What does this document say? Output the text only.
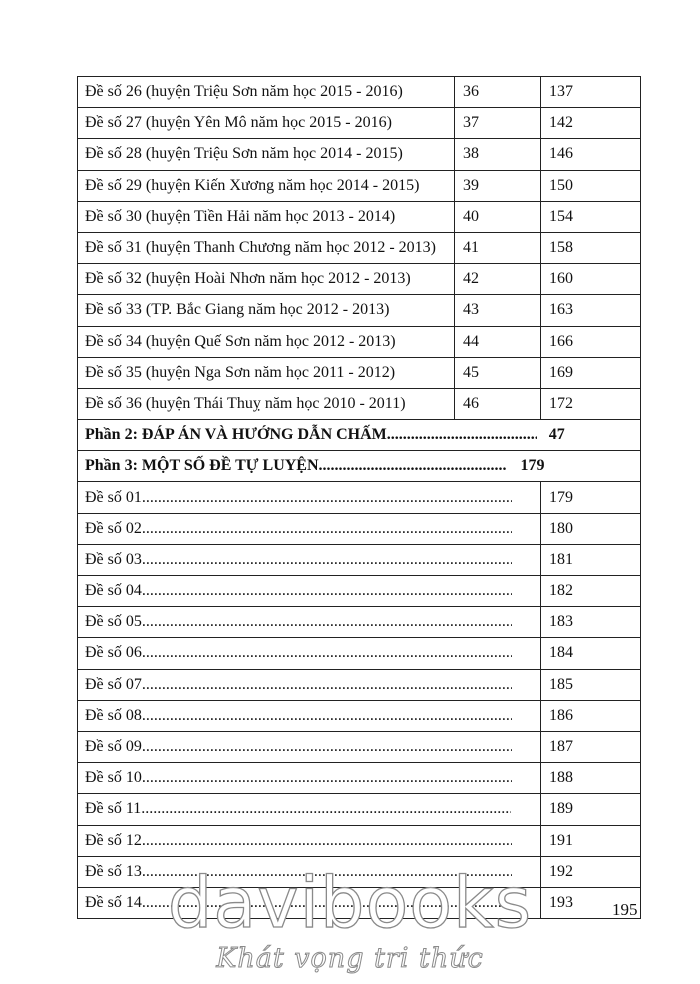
Đề số 26 (huyện Triệu Sơn năm học 2015 - 2016)	36	137
Đề số 27 (huyện Yên Mô năm học 2015 - 2016)	37	142
Đề số 28 (huyện Triệu Sơn năm học 2014 - 2015)	38	146
Đề số 29 (huyện Kiến Xương năm học 2014 - 2015)	39	150
Đề số 30 (huyện Tiền Hải năm học 2013 - 2014)	40	154
Đề số 31 (huyện Thanh Chương năm học 2012 - 2013)	41	158
Đề số 32 (huyện Hoài Nhơn năm học 2012 - 2013)	42	160
Đề số 33 (TP. Bắc Giang năm học 2012 - 2013)	43	163
Đề số 34 (huyện Quế Sơn năm học 2012 - 2013)	44	166
Đề số 35 (huyện Nga Sơn năm học 2011 - 2012)	45	169
Đề số 36 (huyện Thái Thuỵ năm học 2010 - 2011)	46	172
Phần 2: ĐÁP ÁN VÀ HƯỚNG DẪN CHẤM ..... 47
Phần 3: MỘT SỐ ĐỀ TỰ LUYỆN ..... 179
Đề số 01.....		179
Đề số 02.....		180
Đề số 03.....		181
Đề số 04.....		182
Đề số 05.....		183
Đề số 06.....		184
Đề số 07.....		185
Đề số 08.....		186
Đề số 09.....		187
Đề số 10.....		188
Đề số 11.....		189
Đề số 12.....		191
Đề số 13.....		192
Đề số 14.....		193 195
davibooks
Khát vọng tri thức
